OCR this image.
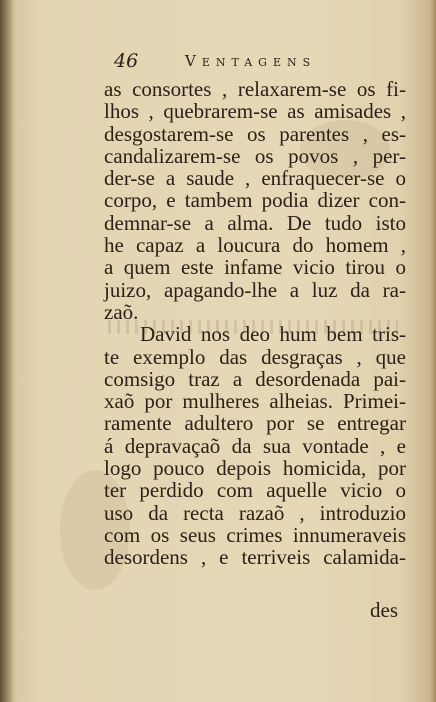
46	Ventagens
as consortes , relaxarem-se os fi-
lhos , quebrarem-se as amisades ,
desgostarem-se os parentes , es-
candalizarem-se os povos , per-
der-se a saude , enfraquecer-se o
corpo, e tambem podia dizer con-
demnar-se a alma. De tudo isto
he capaz a loucura do homem ,
a quem este infame vicio tirou o
juizo, apagando-lhe a luz da ra-
zaõ.
David nos deo hum bem tris-
te exemplo das desgraças , que
comsigo traz a desordenada pai-
xaõ por mulheres alheias. Primei-
ramente adultero por se entregar
á depravaçaõ da sua vontade , e
logo pouco depois homicida, por
ter perdido com aquelle vicio o
uso da recta razaõ , introduzio
com os seus crimes innumeraveis
desordens , e terriveis calamida-
des
